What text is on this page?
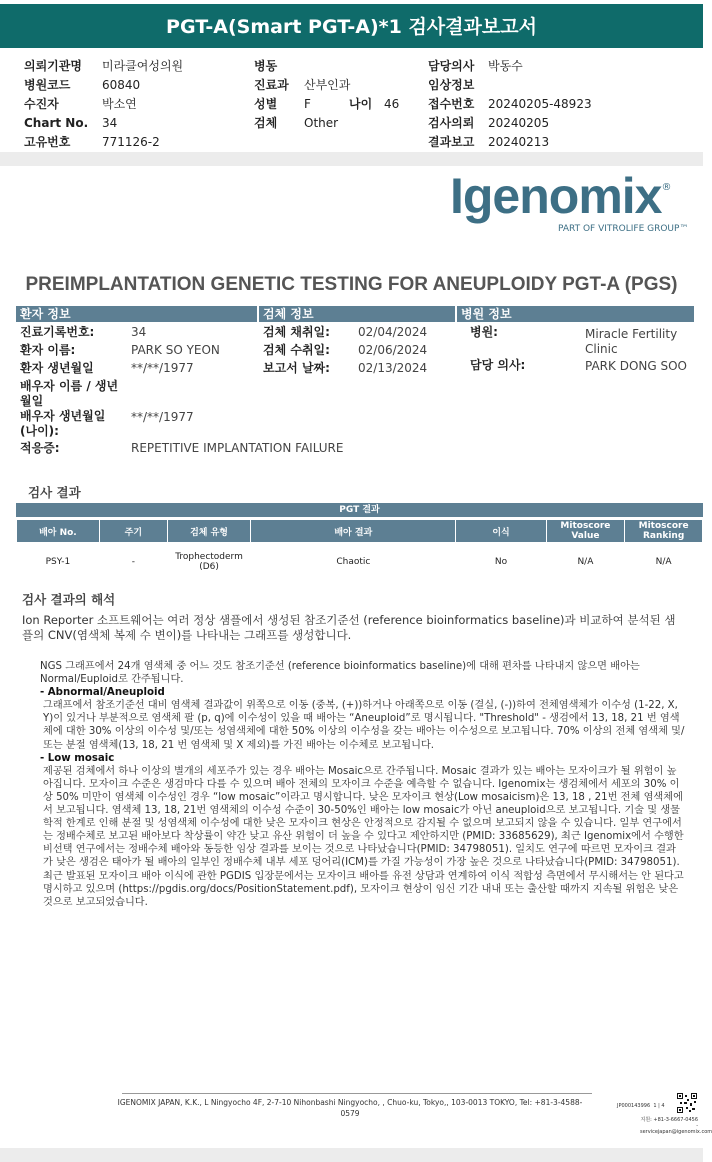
PGT-A(Smart PGT-A)*1 검사결과보고서
의뢰기관명 미라클여성의원
병원코드	60840
수진자	박소연
Chart No. 34
고유번호	771126-2
병동
진료과 산부인과
성별 F	나이 46
검체 Other
담당의사 박동수
임상정보
접수번호 20240205-48923
검사의뢰 20240205
결과보고 20240213
Igenomix®
PART OF VITROLIFE GROUP™
PREIMPLANTATION GENETIC TESTING FOR ANEUPLOIDY PGT-A (PGS)
환자 정보	검체 정보	병원 정보
진료기록번호:	34
환자 이름:	PARK SO YEON
환자 생년월일	**/**/1977
배우자 이름 / 생년월일
배우자 생년월일 (나이):
**/**/1977
적응증:	REPETITIVE IMPLANTATION FAILURE
검체 채취일: 02/04/2024
검체 수취일: 02/06/2024
보고서 날짜: 02/13/2024
병원:	Miracle Fertility Clinic
담당 의사:	PARK DONG SOO
검사 결과
PGT 결과
배아 No.	주기	검체 유형	배아 결과	이식	Mitoscore Value	Mitoscore Ranking
PSY-1	-	Trophectoderm (D6)	Chaotic	No	N/A	N/A
검사 결과의 해석
Ion Reporter 소프트웨어는 여러 정상 샘플에서 생성된 참조기준선 (reference bioinformatics baseline)과 비교하여 분석된 샘플의 CNV(염색체 복제 수 변이)를 나타내는 그래프를 생성합니다.

NGS 그래프에서 24개 염색체 중 어느 것도 참조기준선 (reference bioinformatics baseline)에 대해 편차를 나타내지 않으면 배아는 Normal/Euploid로 간주됩니다.

- Abnormal/Aneuploid

그래프에서 참조기준선 대비 염색체 결과값이 위쪽으로 이동 (중복, (+))하거나 아래쪽으로 이동 (결실, (-))하여 전체염색체가 이수성 (1-22, X, Y)이 있거나 부분적으로 염색체 팔 (p, q)에 이수성이 있을 때 배아는 “Aneuploid”로 명시됩니다. "Threshold" - 생검에서 13, 18, 21 번 염색체에 대한 30% 이상의 이수성 및/또는 성염색체에 대한 50% 이상의 이수성을 갖는 배아는 이수성으로 보고됩니다. 70% 이상의 전체 염색체 및/또는 분절 염색체(13, 18, 21 번 염색체 및 X 제외)를 가진 배아는 이수체로 보고됩니다.

- Low mosaic

제공된 검체에서 하나 이상의 별개의 세포주가 있는 경우 배아는 Mosaic으로 간주됩니다. Mosaic 결과가 있는 배아는 모자이크가 될 위험이 높아집니다. 모자이크 수준은 생검마다 다를 수 있으며 배아 전체의 모자이크 수준을 예측할 수 없습니다. Igenomix는 생검체에서 세포의 30% 이상 50% 미만이 염색체 이수성인 경우 “low mosaic”이라고 명시합니다. 낮은 모자이크 현상(Low mosaicism)은 13, 18 , 21번 전체 염색체에서 보고됩니다. 염색체 13, 18, 21번 염색체의 이수성 수준이 30-50%인 배아는 low mosaic가 아닌 aneuploid으로 보고됩니다. 기술 및 생물학적 한계로 인해 분절 및 성염색체 이수성에 대한 낮은 모자이크 현상은 안정적으로 감지될 수 없으며 보고되지 않을 수 있습니다. 일부 연구에서는 정배수체로 보고된 배아보다 착상률이 약간 낮고 유산 위험이 더 높을 수 있다고 제안하지만 (PMID: 33685629), 최근 Igenomix에서 수행한 비선택 연구에서는 정배수체 배아와 동등한 임상 결과를 보이는 것으로 나타났습니다(PMID: 34798051). 일치도 연구에 따르면 모자이크 결과가 낮은 생검은 태아가 될 배아의 일부인 정배수체 내부 세포 덩어리(ICM)를 가질 가능성이 가장 높은 것으로 나타났습니다(PMID: 34798051). 최근 발표된 모자이크 배아 이식에 관한 PGDIS 입장문에서는 모자이크 배아를 유전 상담과 연계하여 이식 적합성 측면에서 무시해서는 안 된다고 명시하고 있으며 (https://pgdis.org/docs/PositionStatement.pdf), 모자이크 현상이 임신 기간 내내 또는 출산할 때까지 지속될 위험은 낮은 것으로 보고되었습니다.

IGENOMIX JAPAN, K.K., L Ningyocho 4F, 2-7-10 Nihonbashi Ningyocho, , Chuo-ku, Tokyo,, 103-0013 TOKYO, Tel: +81-3-4588-0579
JP000143996 1 | 4
지원: +81-3-6667-0456 - servicejapan@igenomix.com
